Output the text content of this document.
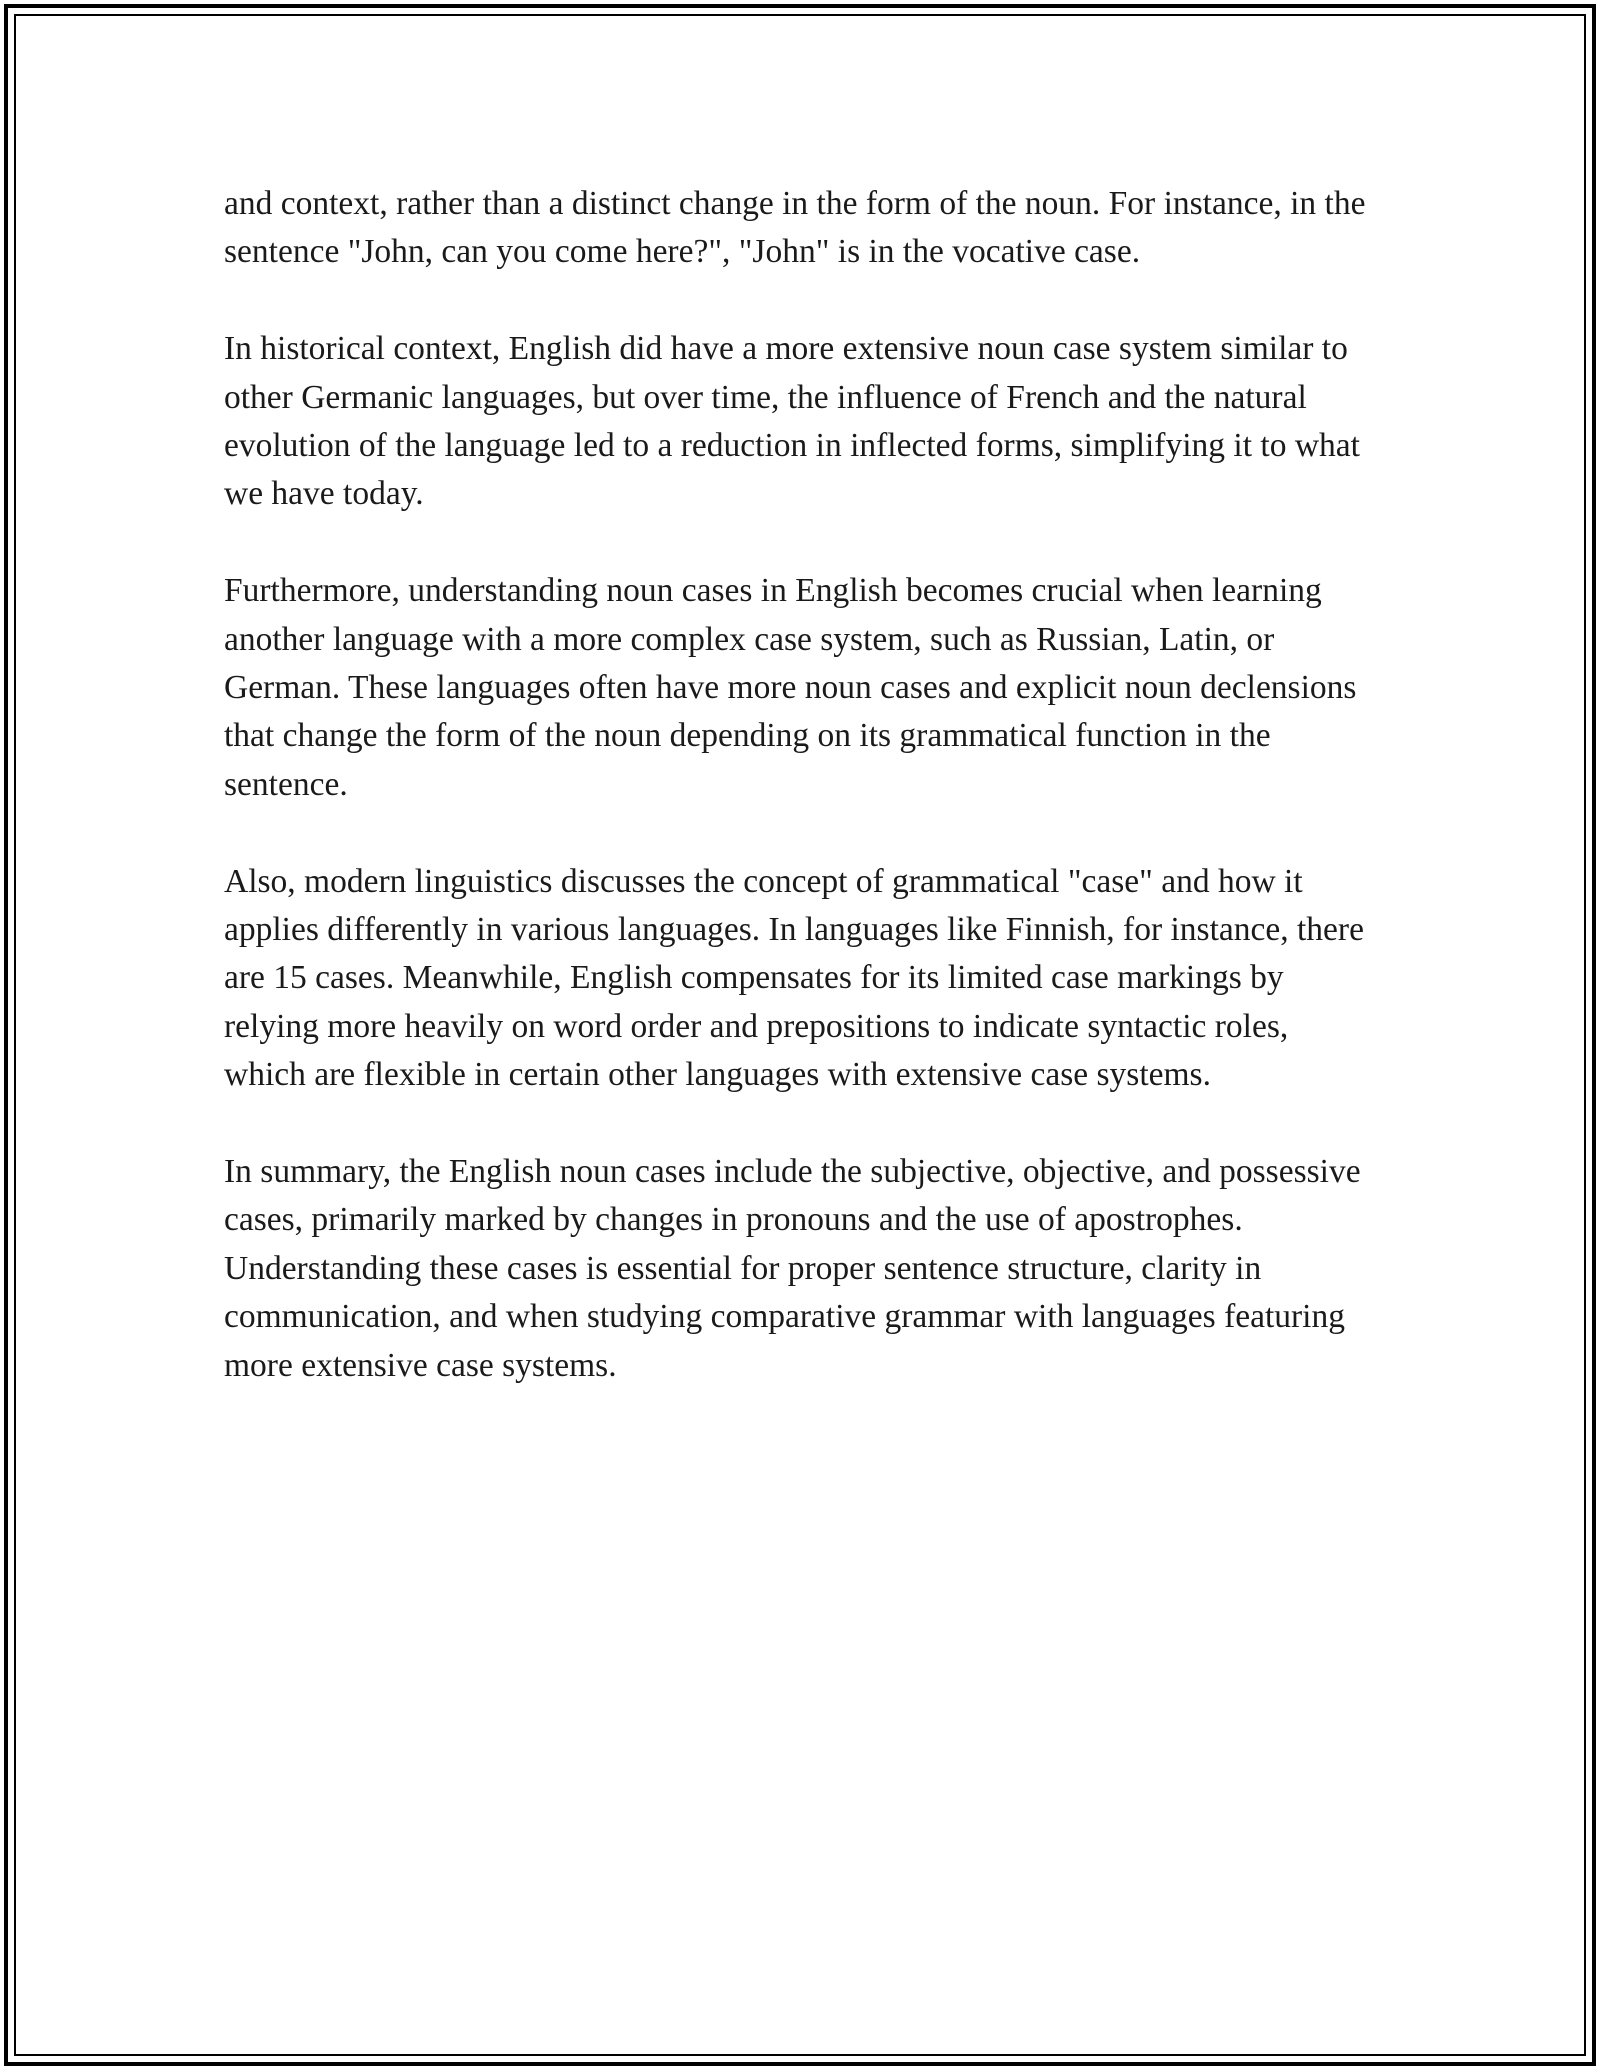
and context, rather than a distinct change in the form of the noun. For instance, in the sentence "John, can you come here?", "John" is in the vocative case.

In historical context, English did have a more extensive noun case system similar to other Germanic languages, but over time, the influence of French and the natural evolution of the language led to a reduction in inflected forms, simplifying it to what we have today.

Furthermore, understanding noun cases in English becomes crucial when learning another language with a more complex case system, such as Russian, Latin, or German. These languages often have more noun cases and explicit noun declensions that change the form of the noun depending on its grammatical function in the sentence.

Also, modern linguistics discusses the concept of grammatical "case" and how it applies differently in various languages. In languages like Finnish, for instance, there are 15 cases. Meanwhile, English compensates for its limited case markings by relying more heavily on word order and prepositions to indicate syntactic roles, which are flexible in certain other languages with extensive case systems.

In summary, the English noun cases include the subjective, objective, and possessive cases, primarily marked by changes in pronouns and the use of apostrophes. Understanding these cases is essential for proper sentence structure, clarity in communication, and when studying comparative grammar with languages featuring more extensive case systems.
